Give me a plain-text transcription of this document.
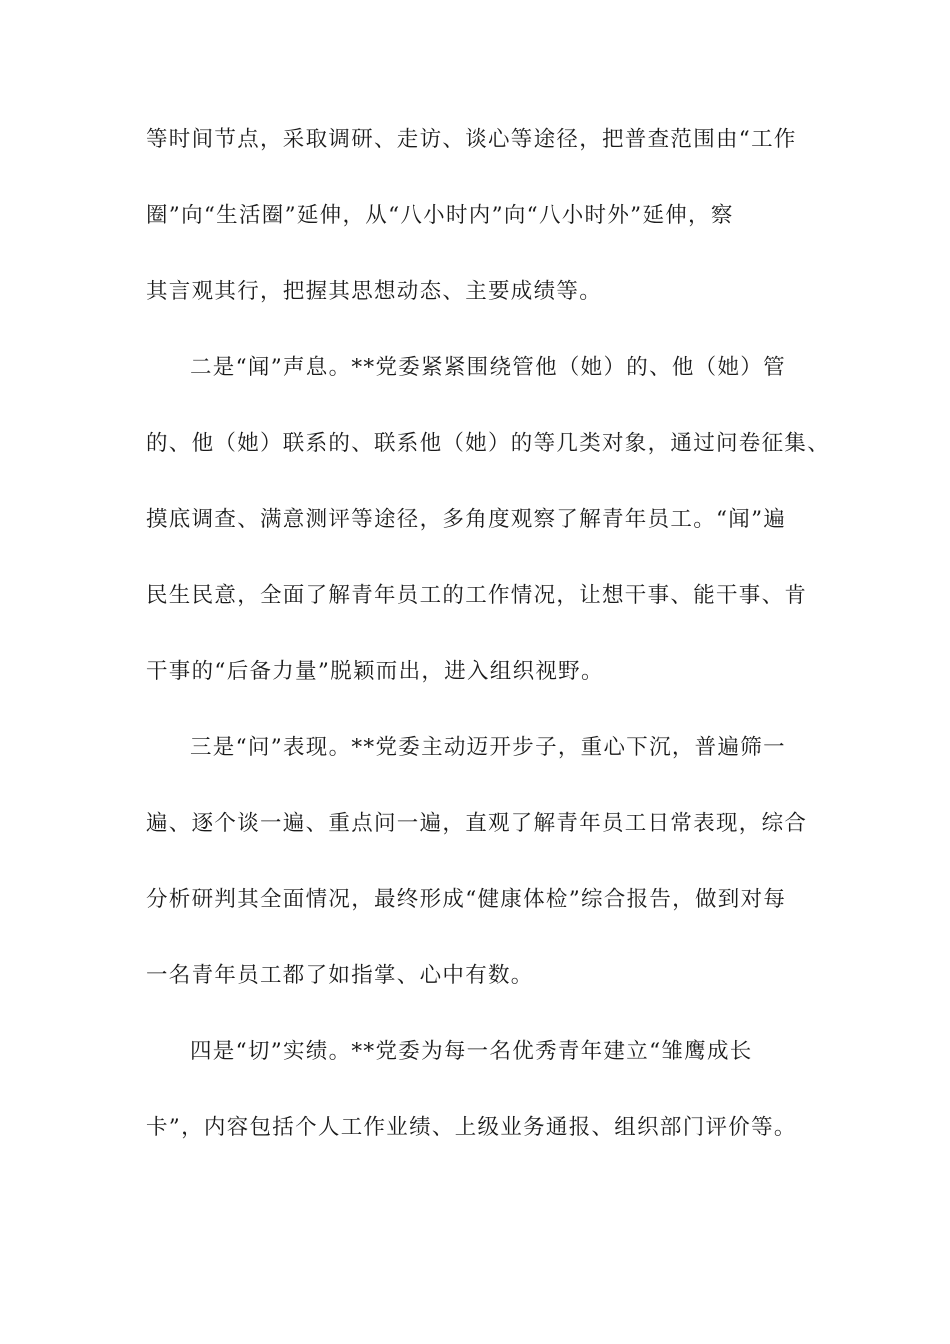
等时间节点，采取调研、走访、谈心等途径，把普查范围由“工作
圈”向“生活圈”延伸，从“八小时内”向“八小时外”延伸，察
其言观其行，把握其思想动态、主要成绩等。
二是“闻”声息。**党委紧紧围绕管他（她）的、他（她）管
的、他（她）联系的、联系他（她）的等几类对象，通过问卷征集、
摸底调查、满意测评等途径，多角度观察了解青年员工。“闻”遍
民生民意，全面了解青年员工的工作情况，让想干事、能干事、肯
干事的“后备力量”脱颖而出，进入组织视野。
三是“问”表现。**党委主动迈开步子，重心下沉，普遍筛一
遍、逐个谈一遍、重点问一遍，直观了解青年员工日常表现，综合
分析研判其全面情况，最终形成“健康体检”综合报告，做到对每
一名青年员工都了如指掌、心中有数。
四是“切”实绩。**党委为每一名优秀青年建立“雏鹰成长
卡”，内容包括个人工作业绩、上级业务通报、组织部门评价等。
